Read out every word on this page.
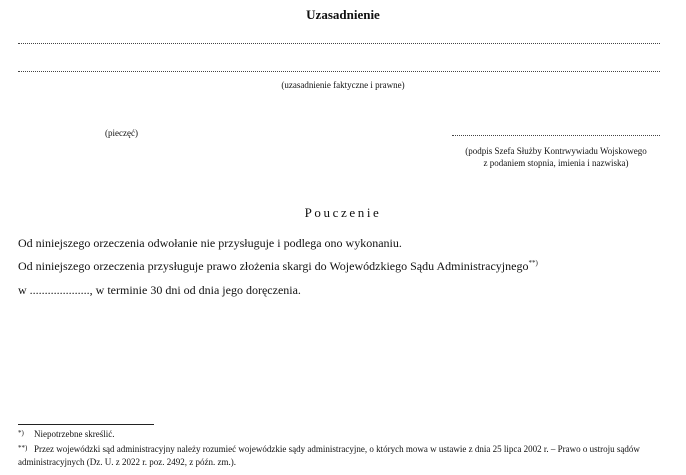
Uzasadnienie
(uzasadnienie faktyczne i prawne)
(pieczęć)
(podpis Szefa Służby Kontrwywiadu Wojskowego
z podaniem stopnia, imienia i nazwiska)
Pouczenie
Od niniejszego orzeczenia odwołanie nie przysługuje i podlega ono wykonaniu.
Od niniejszego orzeczenia przysługuje prawo złożenia skargi do Wojewódzkiego Sądu Administracyjnego**)
w ...................., w terminie 30 dni od dnia jego doręczenia.
*) Niepotrzebne skreślić.
**) Przez wojewódzki sąd administracyjny należy rozumieć wojewódzkie sądy administracyjne, o których mowa w ustawie z dnia 25 lipca 2002 r. – Prawo o ustroju sądów administracyjnych (Dz. U. z 2022 r. poz. 2492, z późn. zm.).
